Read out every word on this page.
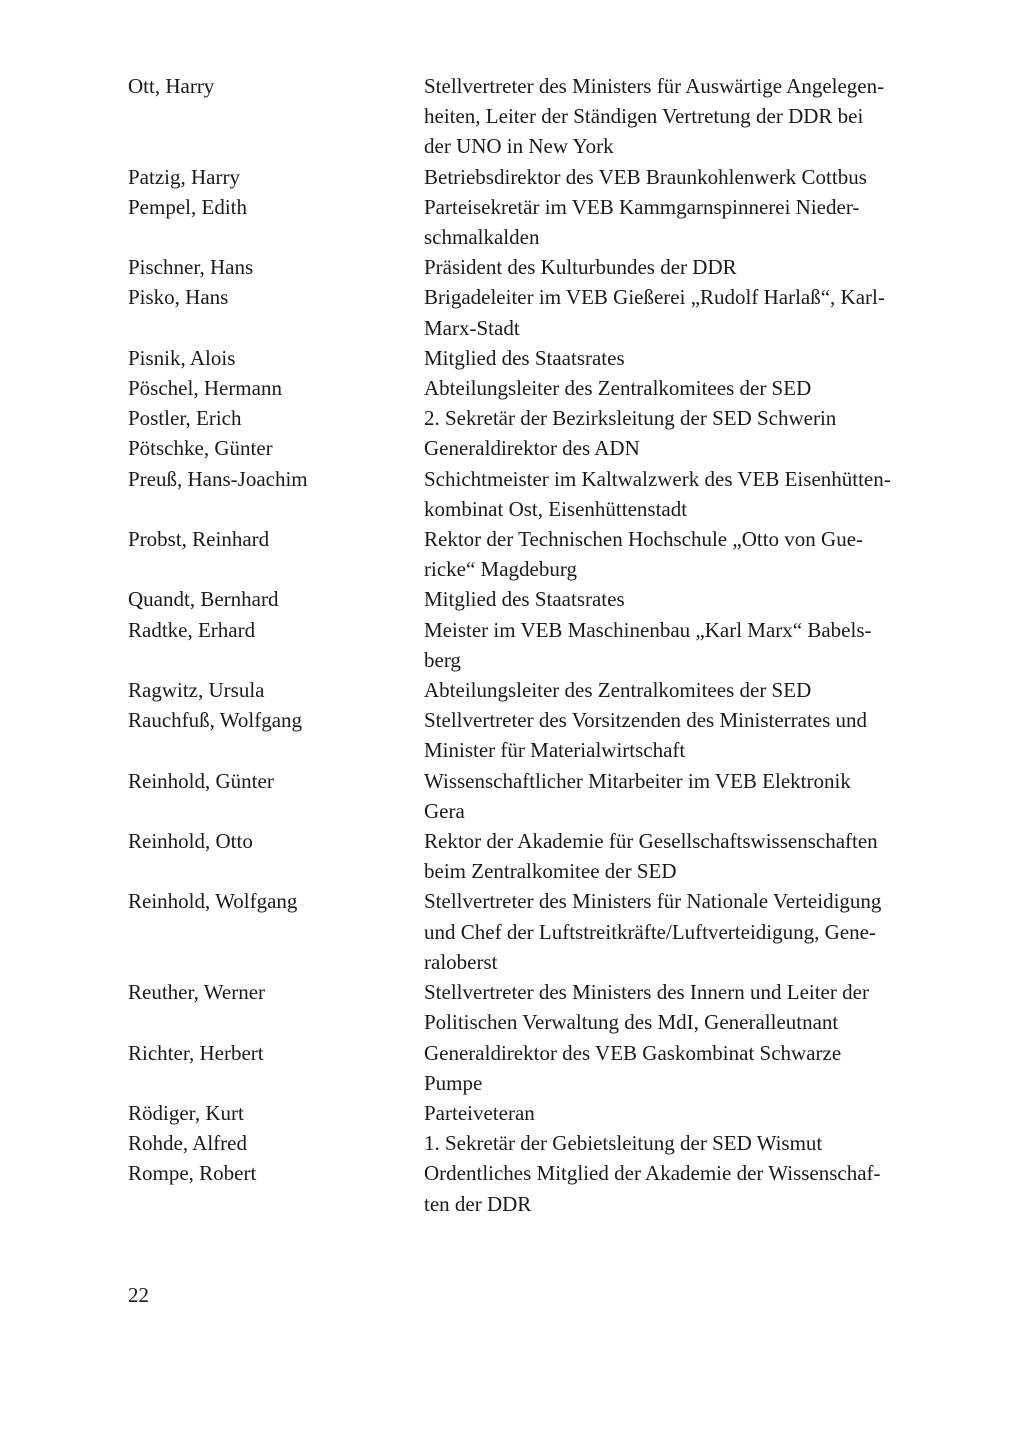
Ott, Harry	Stellvertreter des Ministers für Auswärtige Angelegen-
heiten, Leiter der Ständigen Vertretung der DDR bei
der UNO in New York
Patzig, Harry	Betriebsdirektor des VEB Braunkohlenwerk Cottbus
Pempel, Edith	Parteisekretär im VEB Kammgarnspinnerei Nieder-
schmalkalden
Pischner, Hans	Präsident des Kulturbundes der DDR
Pisko, Hans	Brigadeleiter im VEB Gießerei „Rudolf Harlaß“, Karl-
Marx-Stadt
Pisnik, Alois	Mitglied des Staatsrates
Pöschel, Hermann	Abteilungsleiter des Zentralkomitees der SED
Postler, Erich	2. Sekretär der Bezirksleitung der SED Schwerin
Pötschke, Günter	Generaldirektor des ADN
Preuß, Hans-Joachim	Schichtmeister im Kaltwalzwerk des VEB Eisenhütten-
kombinat Ost, Eisenhüttenstadt
Probst, Reinhard	Rektor der Technischen Hochschule „Otto von Gue-
ricke“ Magdeburg
Quandt, Bernhard	Mitglied des Staatsrates
Radtke, Erhard	Meister im VEB Maschinenbau „Karl Marx“ Babels-
berg
Ragwitz, Ursula	Abteilungsleiter des Zentralkomitees der SED
Rauchfuß, Wolfgang	Stellvertreter des Vorsitzenden des Ministerrates und
Minister für Materialwirtschaft
Reinhold, Günter	Wissenschaftlicher Mitarbeiter im VEB Elektronik
Gera
Reinhold, Otto	Rektor der Akademie für Gesellschaftswissenschaften
beim Zentralkomitee der SED
Reinhold, Wolfgang	Stellvertreter des Ministers für Nationale Verteidigung
und Chef der Luftstreitkräfte/Luftverteidigung, Gene-
raloberst
Reuther, Werner	Stellvertreter des Ministers des Innern und Leiter der
Politischen Verwaltung des MdI, Generalleutnant
Richter, Herbert	Generaldirektor des VEB Gaskombinat Schwarze
Pumpe
Rödiger, Kurt	Parteiveteran
Rohde, Alfred	1. Sekretär der Gebietsleitung der SED Wismut
Rompe, Robert	Ordentliches Mitglied der Akademie der Wissenschaf-
ten der DDR
22
